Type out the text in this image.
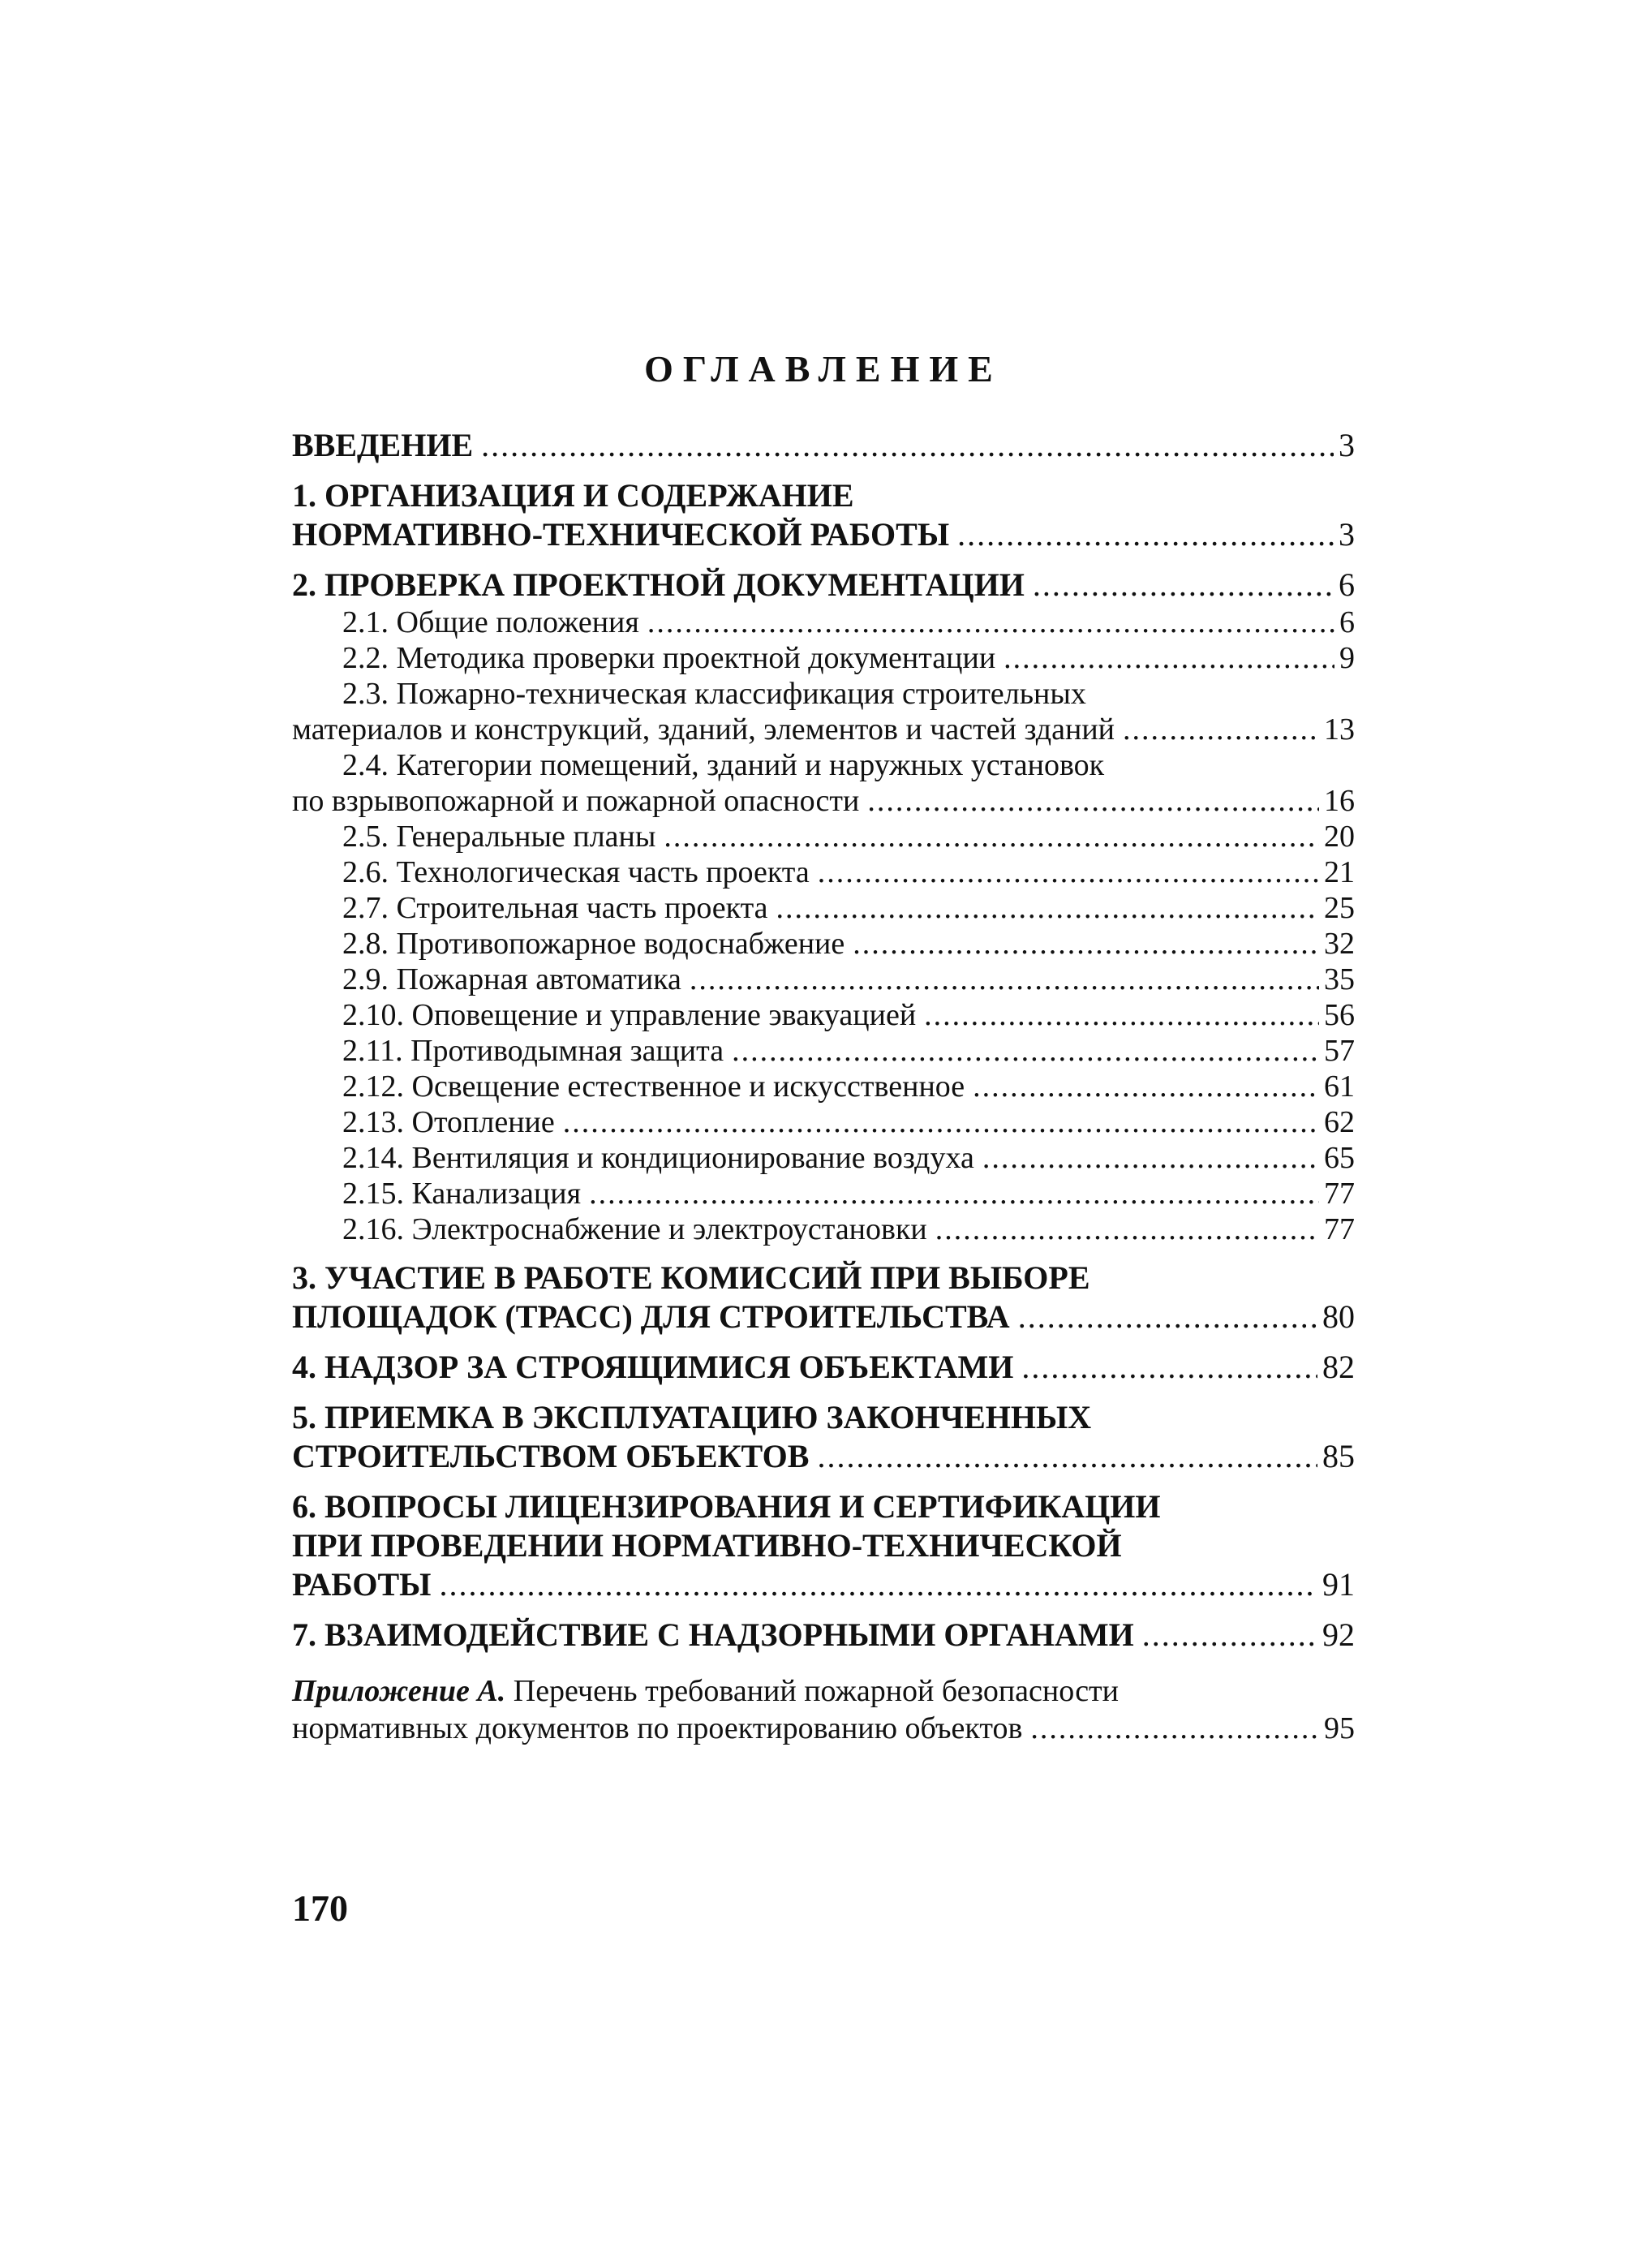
ОГЛАВЛЕНИЕ
ВВЕДЕНИЕ .....	3
1. ОРГАНИЗАЦИЯ И СОДЕРЖАНИЕ
НОРМАТИВНО-ТЕХНИЧЕСКОЙ РАБОТЫ .....	3
2. ПРОВЕРКА ПРОЕКТНОЙ ДОКУМЕНТАЦИИ .....	6
2.1. Общие положения .....	6
2.2. Методика проверки проектной документации .....	9
2.3. Пожарно-техническая классификация строительных
материалов и конструкций, зданий, элементов и частей зданий .....	13
2.4. Категории помещений, зданий и наружных установок
по взрывопожарной и пожарной опасности .....	16
2.5. Генеральные планы .....	20
2.6. Технологическая часть проекта .....	21
2.7. Строительная часть проекта .....	25
2.8. Противопожарное водоснабжение .....	32
2.9. Пожарная автоматика .....	35
2.10. Оповещение и управление эвакуацией .....	56
2.11. Противодымная защита .....	57
2.12. Освещение естественное и искусственное .....	61
2.13. Отопление .....	62
2.14. Вентиляция и кондиционирование воздуха .....	65
2.15. Канализация .....	77
2.16. Электроснабжение и электроустановки .....	77
3. УЧАСТИЕ В РАБОТЕ КОМИССИЙ ПРИ ВЫБОРЕ
ПЛОЩАДОК (ТРАСС) ДЛЯ СТРОИТЕЛЬСТВА .....	80
4. НАДЗОР ЗА СТРОЯЩИМИСЯ ОБЪЕКТАМИ .....	82
5. ПРИЕМКА В ЭКСПЛУАТАЦИЮ ЗАКОНЧЕННЫХ
СТРОИТЕЛЬСТВОМ ОБЪЕКТОВ .....	85
6. ВОПРОСЫ ЛИЦЕНЗИРОВАНИЯ И СЕРТИФИКАЦИИ
ПРИ ПРОВЕДЕНИИ НОРМАТИВНО-ТЕХНИЧЕСКОЙ
РАБОТЫ .....	91
7. ВЗАИМОДЕЙСТВИЕ С НАДЗОРНЫМИ ОРГАНАМИ .....	92
Приложение А. Перечень требований пожарной безопасности
нормативных документов по проектированию объектов .....	95
170
